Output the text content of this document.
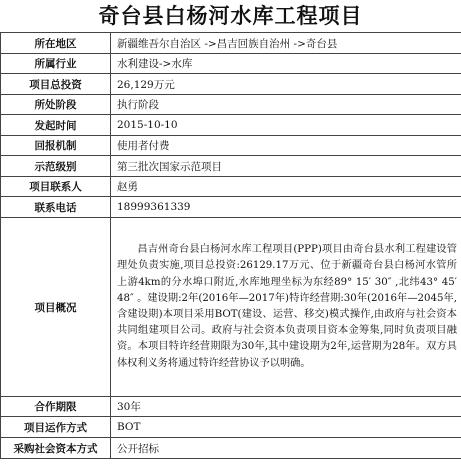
奇台县白杨河水库工程项目
所在地区	新疆维吾尔自治区 ->昌吉回族自治州 ->奇台县
所属行业	水利建设->水库
项目总投资	26,129万元
所处阶段	执行阶段
发起时间	2015-10-10
回报机制	使用者付费
示范级别	第三批次国家示范项目
项目联系人	赵勇
联系电话	18999361339
项目概况	昌吉州奇台县白杨河水库工程项目(PPP)项目由奇台县水利工程建设管理处负责实施,项目总投资:26129.17万元、位于新疆奇台县白杨河水管所上游4km的分水埠口附近,水库地理坐标为东经89° 15′ 30″ ,北纬43° 45′ 48″ 。建设期:2年(2016年—2017年)特许经营期:30年(2016年—2045年,含建设期)本项目采用BOT(建设、运营、移交)模式操作,由政府与社会资本共同组建项目公司。政府与社会资本负责项目资本金筹集,同时负责项目融资。本项目特许经营期限为30年,其中建设期为2年,运营期为28年。双方具体权利义务将通过特许经营协议予以明确。
合作期限	30年
项目运作方式	BOT
采购社会资本方式	公开招标
